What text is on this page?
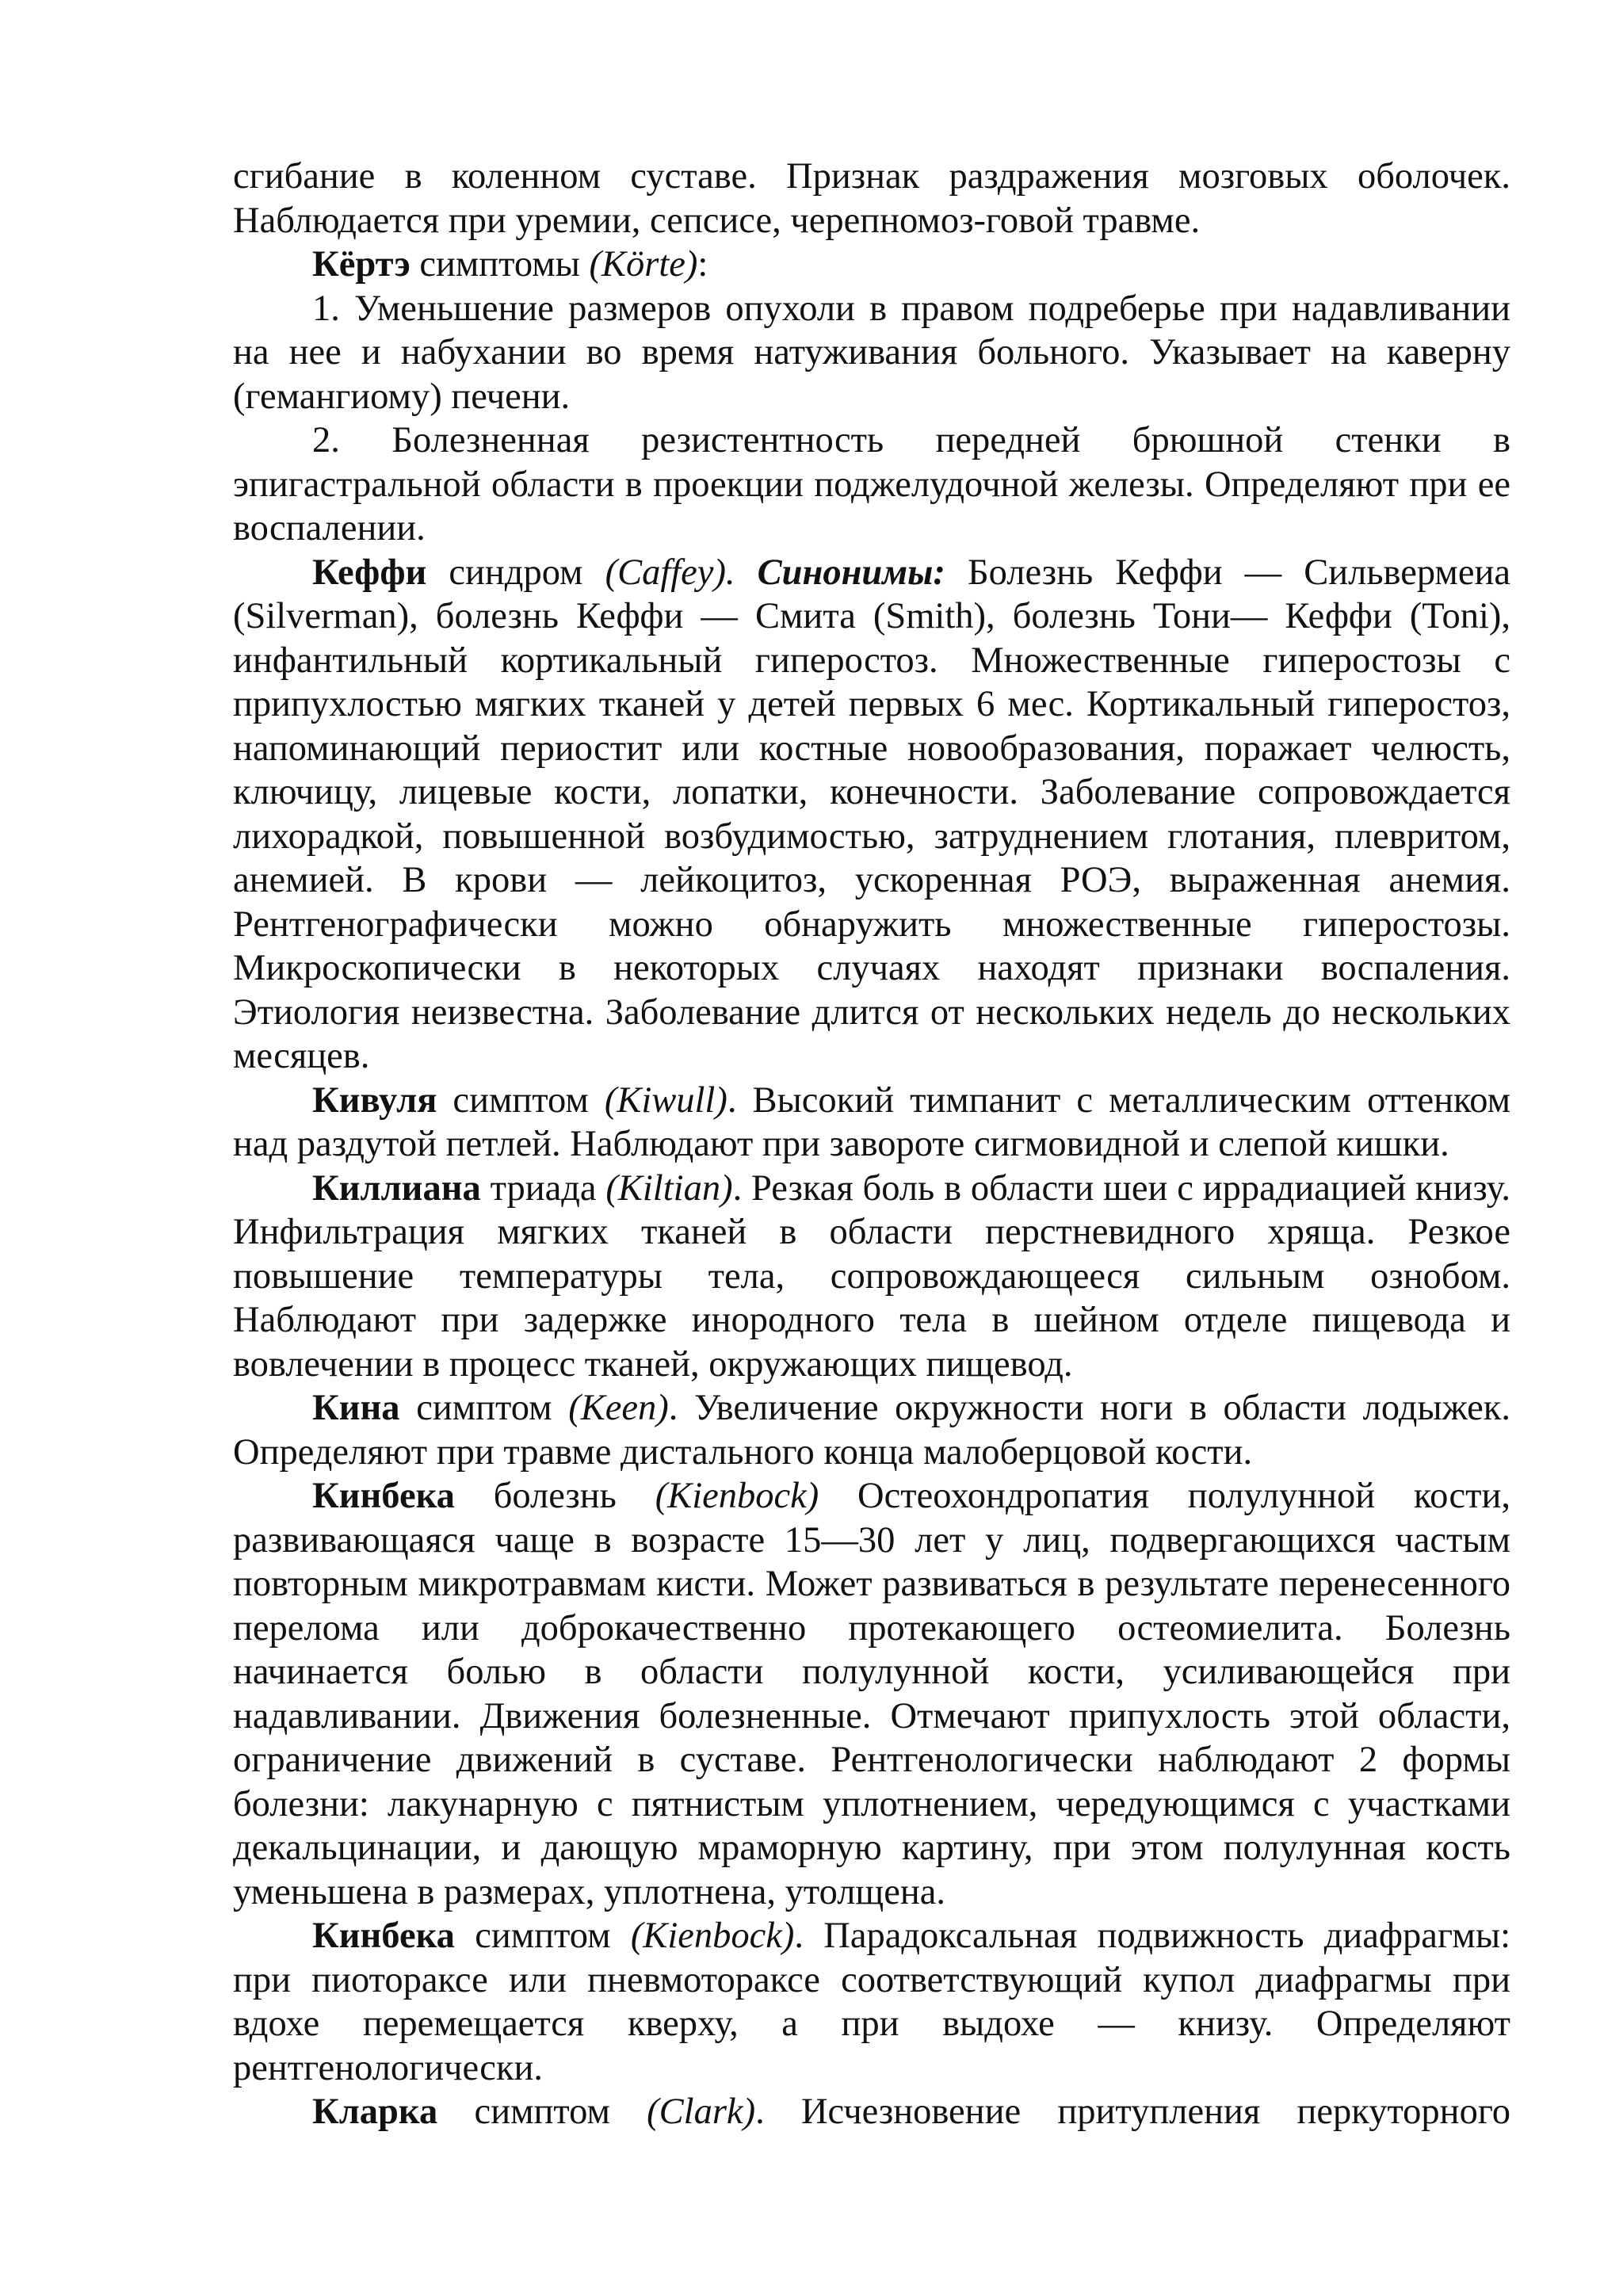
сгибание в коленном суставе. Признак раздражения мозговых оболочек. Наблюдается при уремии, сепсисе, черепномоз-говой травме.

Кёртэ симптомы (Körte):

1. Уменьшение размеров опухоли в правом подреберье при надавливании на нее и набухании во время натуживания больного. Указывает на каверну (гемангиому) печени.

2. Болезненная резистентность передней брюшной стенки в эпигастральной области в проекции поджелудочной железы. Определяют при ее воспалении.

Кеффи синдром (Caffey). Синонимы: Болезнь Кеффи — Сильвермеиа (Silverman), болезнь Кеффи — Смита (Smith), болезнь Тони— Кеффи (Toni), инфантильный кортикальный гиперостоз. Множественные гиперостозы с припухлостью мягких тканей у детей первых 6 мес. Кортикальный гиперостоз, напоминающий периостит или костные новообразования, поражает челюсть, ключицу, лицевые кости, лопатки, конечности. Заболевание сопровождается лихорадкой, повышенной возбудимостью, затруднением глотания, плевритом, анемией. В крови — лейкоцитоз, ускоренная РОЭ, выраженная анемия. Рентгенографически можно обнаружить множественные гиперостозы. Микроскопически в некоторых случаях находят признаки воспаления. Этиология неизвестна. Заболевание длится от нескольких недель до нескольких месяцев.

Кивуля симптом (Kiwull). Высокий тимпанит с металлическим оттенком над раздутой петлей. Наблюдают при завороте сигмовидной и слепой кишки.

Киллиана триада (Kiltian). Резкая боль в области шеи с иррадиацией книзу. Инфильтрация мягких тканей в области перстневидного хряща. Резкое повышение температуры тела, сопровождающееся сильным ознобом. Наблюдают при задержке инородного тела в шейном отделе пищевода и вовлечении в процесс тканей, окружающих пищевод.

Кина симптом (Keen). Увеличение окружности ноги в области лодыжек. Определяют при травме дистального конца малоберцовой кости.

Кинбека болезнь (Kienbock) Остеохондропатия полулунной кости, развивающаяся чаще в возрасте 15—30 лет у лиц, подвергающихся частым повторным микротравмам кисти. Может развиваться в результате перенесенного перелома или доброкачественно протекающего остеомиелита. Болезнь начинается болью в области полулунной кости, усиливающейся при надавливании. Движения болезненные. Отмечают припухлость этой области, ограничение движений в суставе. Рентгенологически наблюдают 2 формы болезни: лакунарную с пятнистым уплотнением, чередующимся с участками декальцинации, и дающую мраморную картину, при этом полулунная кость уменьшена в размерах, уплотнена, утолщена.

Кинбека симптом (Kienbock). Парадоксальная подвижность диафрагмы: при пиотораксе или пневмотораксе соответствующий купол диафрагмы при вдохе перемещается кверху, а при выдохе — книзу. Определяют рентгенологически.

Кларка симптом (Clark). Исчезновение притупления перкуторного
